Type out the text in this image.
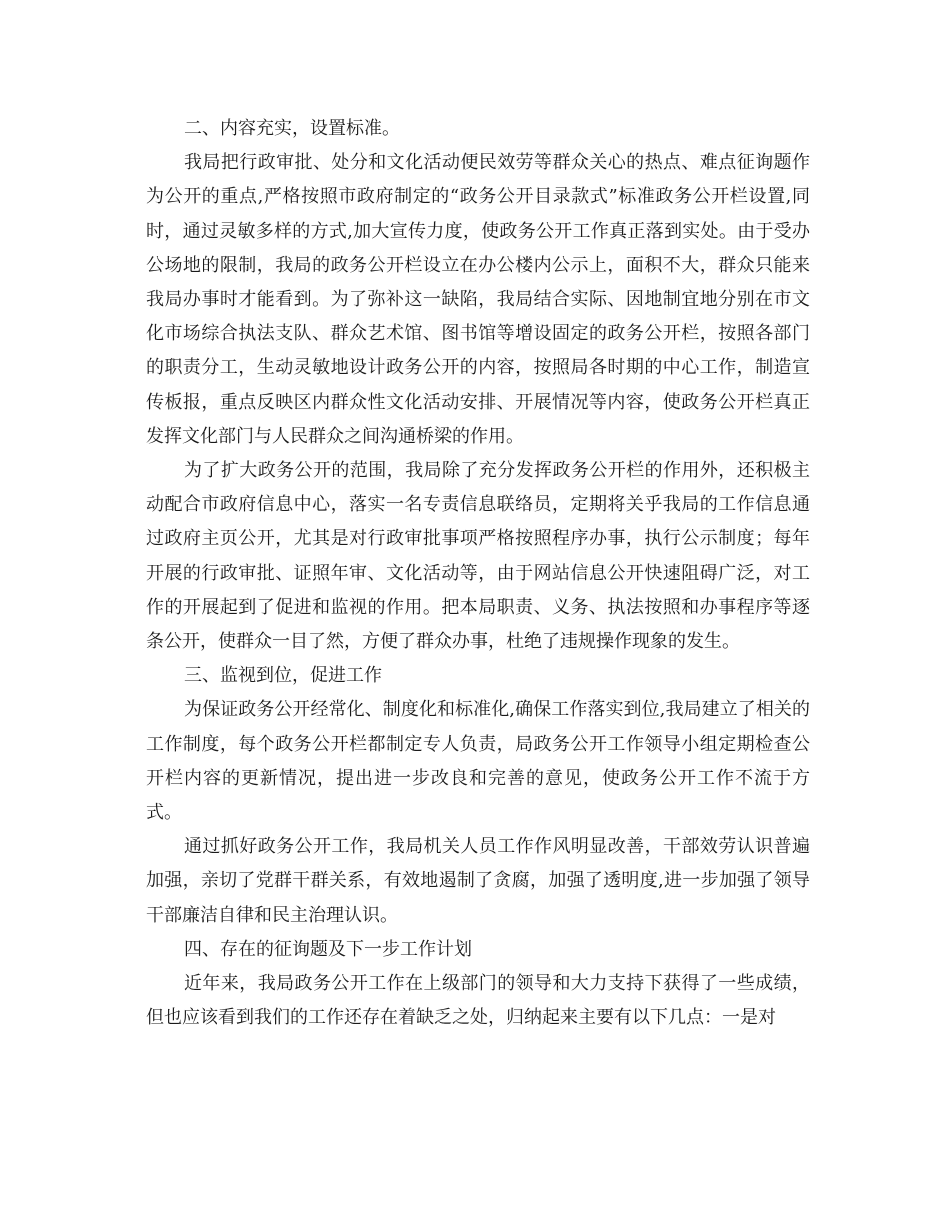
二、内容充实，设置标准。

我局把行政审批、处分和文化活动便民效劳等群众关心的热点、难点征询题作为公开的重点,严格按照市政府制定的“政务公开目录款式”标准政务公开栏设置,同时，通过灵敏多样的方式,加大宣传力度，使政务公开工作真正落到实处。由于受办公场地的限制，我局的政务公开栏设立在办公楼内公示上，面积不大，群众只能来我局办事时才能看到。为了弥补这一缺陷，我局结合实际、因地制宜地分别在市文化市场综合执法支队、群众艺术馆、图书馆等增设固定的政务公开栏，按照各部门的职责分工，生动灵敏地设计政务公开的内容，按照局各时期的中心工作，制造宣传板报，重点反映区内群众性文化活动安排、开展情况等内容，使政务公开栏真正发挥文化部门与人民群众之间沟通桥梁的作用。

为了扩大政务公开的范围，我局除了充分发挥政务公开栏的作用外，还积极主动配合市政府信息中心，落实一名专责信息联络员，定期将关乎我局的工作信息通过政府主页公开，尤其是对行政审批事项严格按照程序办事，执行公示制度；每年开展的行政审批、证照年审、文化活动等，由于网站信息公开快速阻碍广泛，对工作的开展起到了促进和监视的作用。把本局职责、义务、执法按照和办事程序等逐条公开，使群众一目了然，方便了群众办事，杜绝了违规操作现象的发生。

三、监视到位，促进工作

为保证政务公开经常化、制度化和标准化,确保工作落实到位,我局建立了相关的工作制度，每个政务公开栏都制定专人负责，局政务公开工作领导小组定期检查公开栏内容的更新情况，提出进一步改良和完善的意见，使政务公开工作不流于方式。

通过抓好政务公开工作，我局机关人员工作作风明显改善，干部效劳认识普遍加强，亲切了党群干群关系，有效地遏制了贪腐，加强了透明度,进一步加强了领导干部廉洁自律和民主治理认识。

四、存在的征询题及下一步工作计划

近年来，我局政务公开工作在上级部门的领导和大力支持下获得了一些成绩，但也应该看到我们的工作还存在着缺乏之处，归纳起来主要有以下几点：一是对
